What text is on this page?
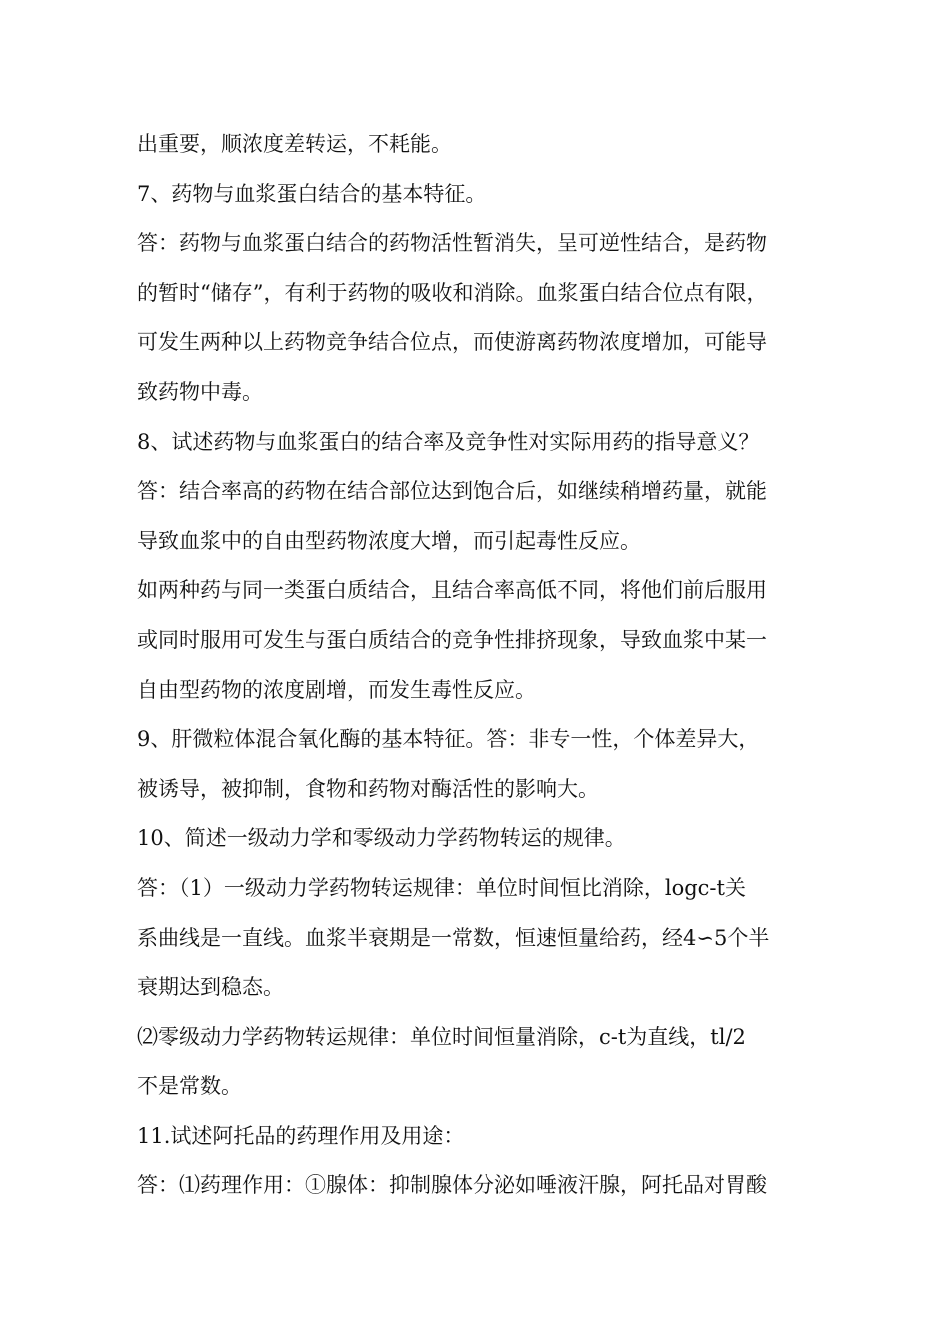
出重要，顺浓度差转运，不耗能。
7、药物与血浆蛋白结合的基本特征。
答：药物与血浆蛋白结合的药物活性暂消失，呈可逆性结合，是药物
的暂时“储存”，有利于药物的吸收和消除。血浆蛋白结合位点有限，
可发生两种以上药物竞争结合位点，而使游离药物浓度增加，可能导
致药物中毒。
8、试述药物与血浆蛋白的结合率及竞争性对实际用药的指导意义？
答：结合率高的药物在结合部位达到饱合后，如继续稍增药量，就能
导致血浆中的自由型药物浓度大增，而引起毒性反应。
如两种药与同一类蛋白质结合，且结合率高低不同，将他们前后服用
或同时服用可发生与蛋白质结合的竞争性排挤现象，导致血浆中某一
自由型药物的浓度剧增，而发生毒性反应。
9、肝微粒体混合氧化酶的基本特征。答：非专一性，个体差异大，
被诱导，被抑制，食物和药物对酶活性的影响大。
10、简述一级动力学和零级动力学药物转运的规律。
答：（1）一级动力学药物转运规律：单位时间恒比消除，logc-t关
系曲线是一直线。血浆半衰期是一常数，恒速恒量给药，经4∽5个半
衰期达到稳态。
⑵零级动力学药物转运规律：单位时间恒量消除，c-t为直线，tl/2
不是常数。
11.试述阿托品的药理作用及用途：
答：⑴药理作用：①腺体：抑制腺体分泌如唾液汗腺，阿托品对胃酸
